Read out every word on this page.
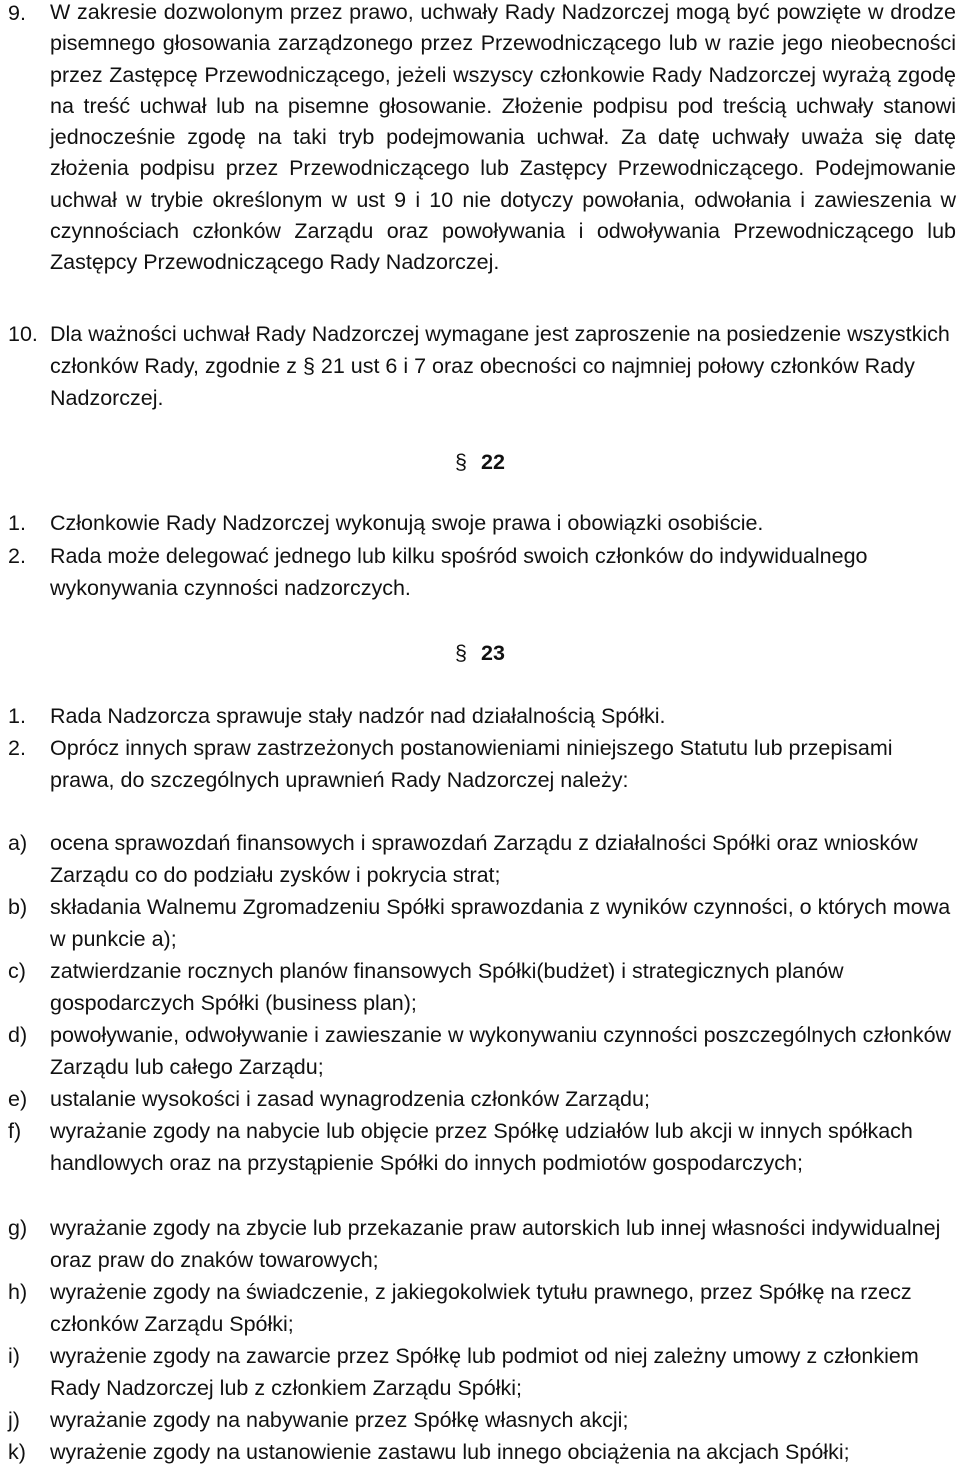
9. W zakresie dozwolonym przez prawo, uchwały Rady Nadzorczej mogą być powzięte w drodze pisemnego głosowania zarządzonego przez Przewodniczącego lub w razie jego nieobecności przez Zastępcę Przewodniczącego, jeżeli wszyscy członkowie Rady Nadzorczej wyrażą zgodę na treść uchwał lub na pisemne głosowanie. Złożenie podpisu pod treścią uchwały stanowi jednocześnie zgodę na taki tryb podejmowania uchwał. Za datę uchwały uważa się datę złożenia podpisu przez Przewodniczącego lub Zastępcy Przewodniczącego. Podejmowanie uchwał w trybie określonym w ust 9 i 10 nie dotyczy powołania, odwołania i zawieszenia w czynnościach członków Zarządu oraz powoływania i odwoływania Przewodniczącego lub Zastępcy Przewodniczącego Rady Nadzorczej.
10. Dla ważności uchwał Rady Nadzorczej wymagane jest zaproszenie na posiedzenie wszystkich członków Rady, zgodnie z § 21 ust 6 i 7 oraz obecności co najmniej połowy członków Rady Nadzorczej.
§ 22
1. Członkowie Rady Nadzorczej wykonują swoje prawa i obowiązki osobiście.
2. Rada może delegować jednego lub kilku spośród swoich członków do indywidualnego wykonywania czynności nadzorczych.
§ 23
1. Rada Nadzorcza sprawuje stały nadzór nad działalnością Spółki.
2. Oprócz innych spraw zastrzeżonych postanowieniami niniejszego Statutu lub przepisami prawa, do szczególnych uprawnień Rady Nadzorczej należy:
a)	ocena sprawozdań finansowych i sprawozdań Zarządu z działalności Spółki oraz wniosków Zarządu co do podziału zysków i pokrycia strat;
b)	składania Walnemu Zgromadzeniu Spółki sprawozdania z wyników czynności, o których mowa w punkcie a);
c)	zatwierdzanie rocznych planów finansowych Spółki(budżet) i strategicznych planów gospodarczych Spółki (business plan);
d)	powoływanie, odwoływanie i zawieszanie w wykonywaniu czynności poszczególnych członków Zarządu lub całego Zarządu;
e)	ustalanie wysokości i zasad wynagrodzenia członków Zarządu;
f)	wyrażanie zgody na nabycie lub objęcie przez Spółkę udziałów lub akcji w innych spółkach handlowych oraz na przystąpienie Spółki do innych podmiotów gospodarczych;
g)	wyrażanie zgody na zbycie lub przekazanie praw autorskich lub innej własności indywidualnej oraz praw do znaków towarowych;
h)	wyrażenie zgody na świadczenie, z jakiegokolwiek tytułu prawnego, przez Spółkę na rzecz członków Zarządu Spółki;
i)	wyrażenie zgody na zawarcie przez Spółkę lub podmiot od niej zależny umowy z członkiem Rady Nadzorczej lub z członkiem Zarządu Spółki;
j)	wyrażanie zgody na nabywanie przez Spółkę własnych akcji;
k)	wyrażenie zgody na ustanowienie zastawu lub innego obciążenia na akcjach Spółki;
